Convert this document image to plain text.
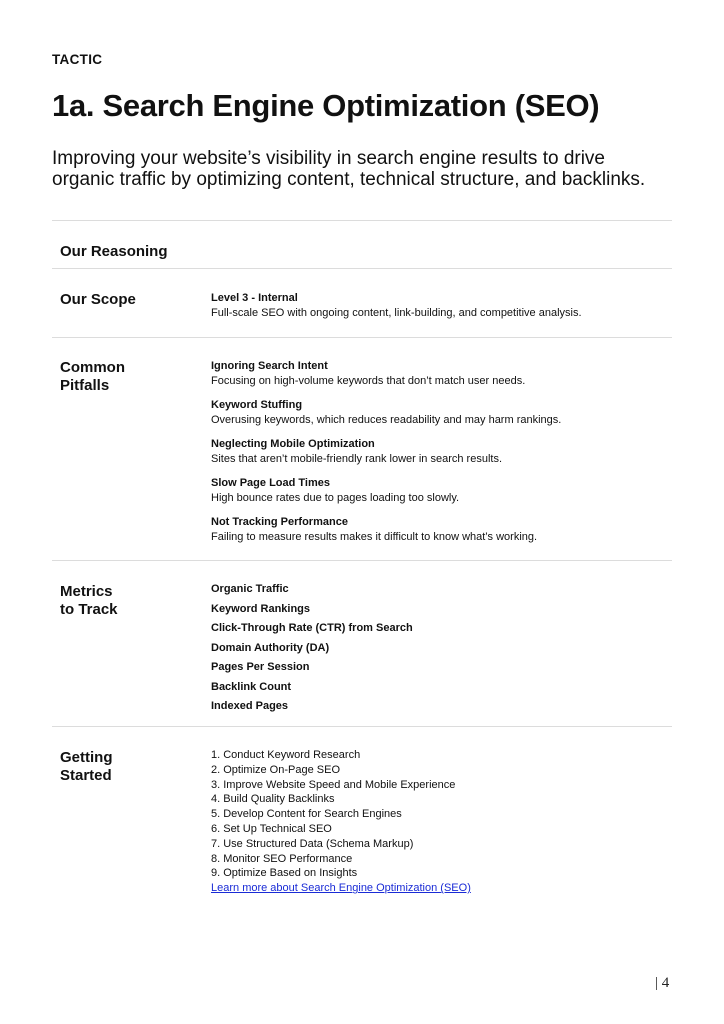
TACTIC
1a. Search Engine Optimization (SEO)

Improving your website’s visibility in search engine results to drive organic traffic by optimizing content, technical structure, and backlinks.

Our Reasoning
Our Scope	Level 3 - Internal
Full-scale SEO with ongoing content, link-building, and competitive analysis.
Common
Pitfalls
Ignoring Search Intent
Focusing on high-volume keywords that don’t match user needs.
Keyword Stuffing
Overusing keywords, which reduces readability and may harm rankings.
Neglecting Mobile Optimization
Sites that aren’t mobile-friendly rank lower in search results.
Slow Page Load Times
High bounce rates due to pages loading too slowly.
Not Tracking Performance
Failing to measure results makes it difficult to know what’s working.
Metrics
to Track
Organic Traffic
Keyword Rankings
Click-Through Rate (CTR) from Search
Domain Authority (DA)
Pages Per Session
Backlink Count
Indexed Pages
Getting
Started
1. Conduct Keyword Research
2. Optimize On-Page SEO
3. Improve Website Speed and Mobile Experience
4. Build Quality Backlinks
5. Develop Content for Search Engines
6. Set Up Technical SEO
7. Use Structured Data (Schema Markup)
8. Monitor SEO Performance
9. Optimize Based on Insights
Learn more about Search Engine Optimization (SEO)
| 4
